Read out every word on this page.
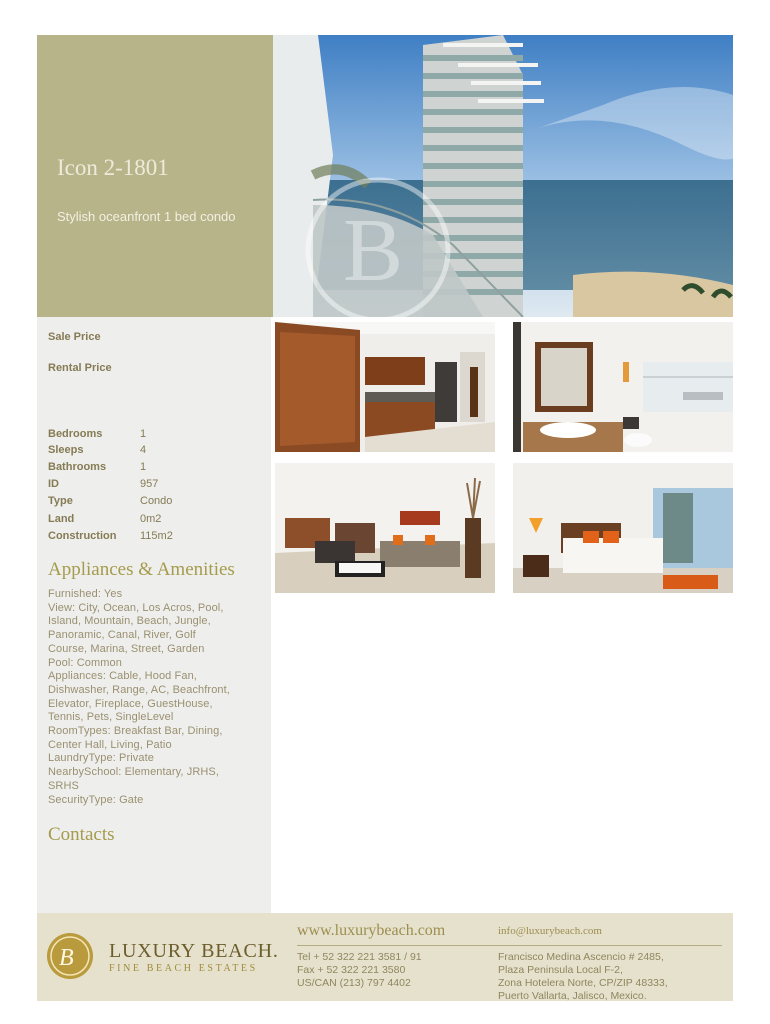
Icon 2-1801
Stylish oceanfront 1 bed condo B
Sale Price
Rental Price
Bedrooms	1
Sleeps	4
Bathrooms	1
ID	957
Type	Condo
Land	0m2
Construction 115m2
Appliances & Amenities
Furnished: Yes
View: City, Ocean, Los Acros, Pool,
Island, Mountain, Beach, Jungle,
Panoramic, Canal, River, Golf
Course, Marina, Street, Garden
Pool: Common
Appliances: Cable, Hood Fan,
Dishwasher, Range, AC, Beachfront,
Elevator, Fireplace, GuestHouse,
Tennis, Pets, SingleLevel
RoomTypes: Breakfast Bar, Dining,
Center Hall, Living, Patio
LaundryType: Private
NearbySchool: Elementary, JRHS,
SRHS
SecurityType: Gate
Contacts
B LUXURY BEACH.
FINE BEACH ESTATES
www.luxurybeach.com	info@luxurybeach.com
Tel + 52 322 221 3581 / 91
Fax + 52 322 221 3580
US/CAN (213) 797 4402
Francisco Medina Ascencio # 2485,
Plaza Peninsula Local F-2,
Zona Hotelera Norte, CP/ZIP 48333,
Puerto Vallarta, Jalisco, Mexico.
